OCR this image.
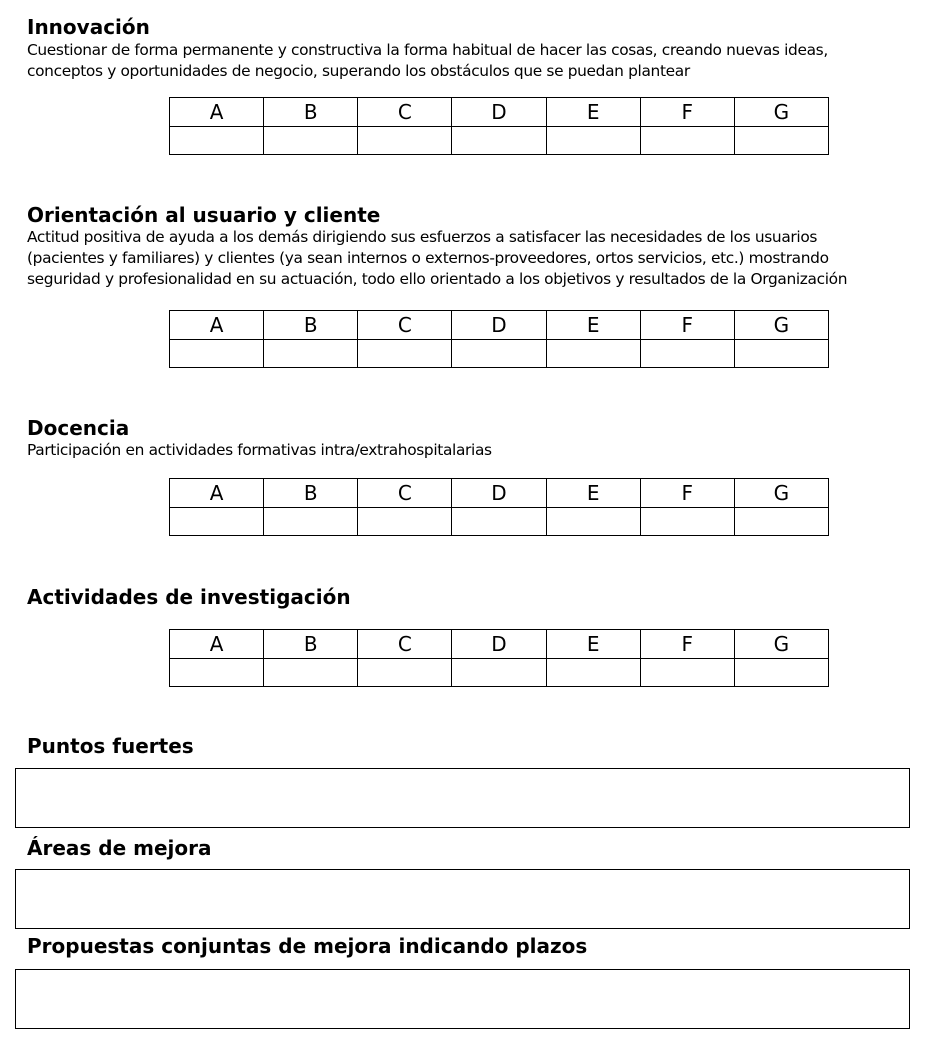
Innovación

Cuestionar de forma permanente y constructiva la forma habitual de hacer las cosas, creando nuevas ideas,
conceptos y oportunidades de negocio, superando los obstáculos que se puedan plantear

A	B	C	D	E	F	G

Orientación al usuario y cliente

Actitud positiva de ayuda a los demás dirigiendo sus esfuerzos a satisfacer las necesidades de los usuarios
(pacientes y familiares) y clientes (ya sean internos o externos-proveedores, ortos servicios, etc.) mostrando
seguridad y profesionalidad en su actuación, todo ello orientado a los objetivos y resultados de la Organización

A	B	C	D	E	F	G

Docencia

Participación en actividades formativas intra/extrahospitalarias

A	B	C	D	E	F	G

Actividades de investigación
A	B	C	D	E	F	G

Puntos fuertes
Áreas de mejora
Propuestas conjuntas de mejora indicando plazos
